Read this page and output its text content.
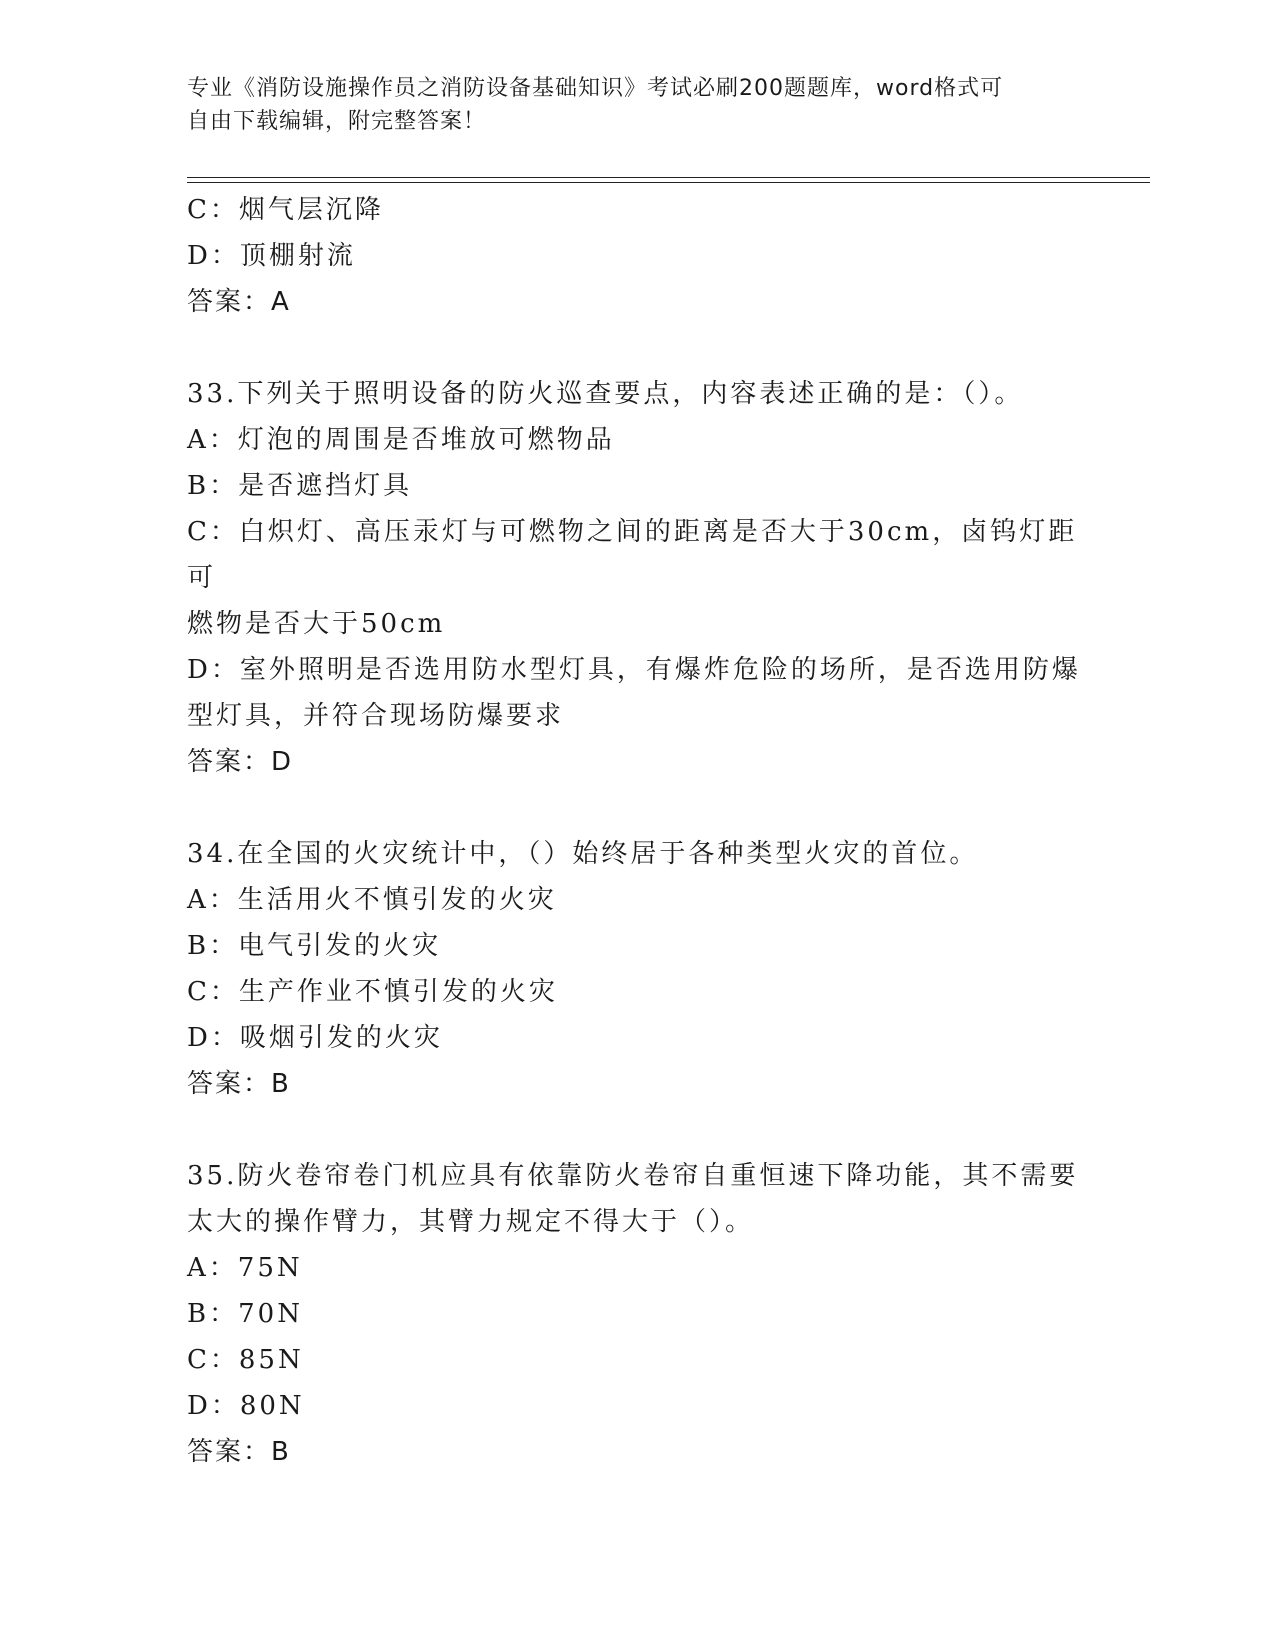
专业《消防设施操作员之消防设备基础知识》考试必刷200题题库，word格式可
自由下载编辑，附完整答案！
C：烟气层沉降
D：顶棚射流
答案：A
33.下列关于照明设备的防火巡查要点，内容表述正确的是：（）。
A：灯泡的周围是否堆放可燃物品
B：是否遮挡灯具
C：白炽灯、高压汞灯与可燃物之间的距离是否大于30cm，卤钨灯距可
燃物是否大于50cm
D：室外照明是否选用防水型灯具，有爆炸危险的场所，是否选用防爆
型灯具，并符合现场防爆要求
答案：D
34.在全国的火灾统计中，（）始终居于各种类型火灾的首位。
A：生活用火不慎引发的火灾
B：电气引发的火灾
C：生产作业不慎引发的火灾
D：吸烟引发的火灾
答案：B
35.防火卷帘卷门机应具有依靠防火卷帘自重恒速下降功能，其不需要
太大的操作臂力，其臂力规定不得大于（）。
A：75N
B：70N
C：85N
D：80N
答案：B
